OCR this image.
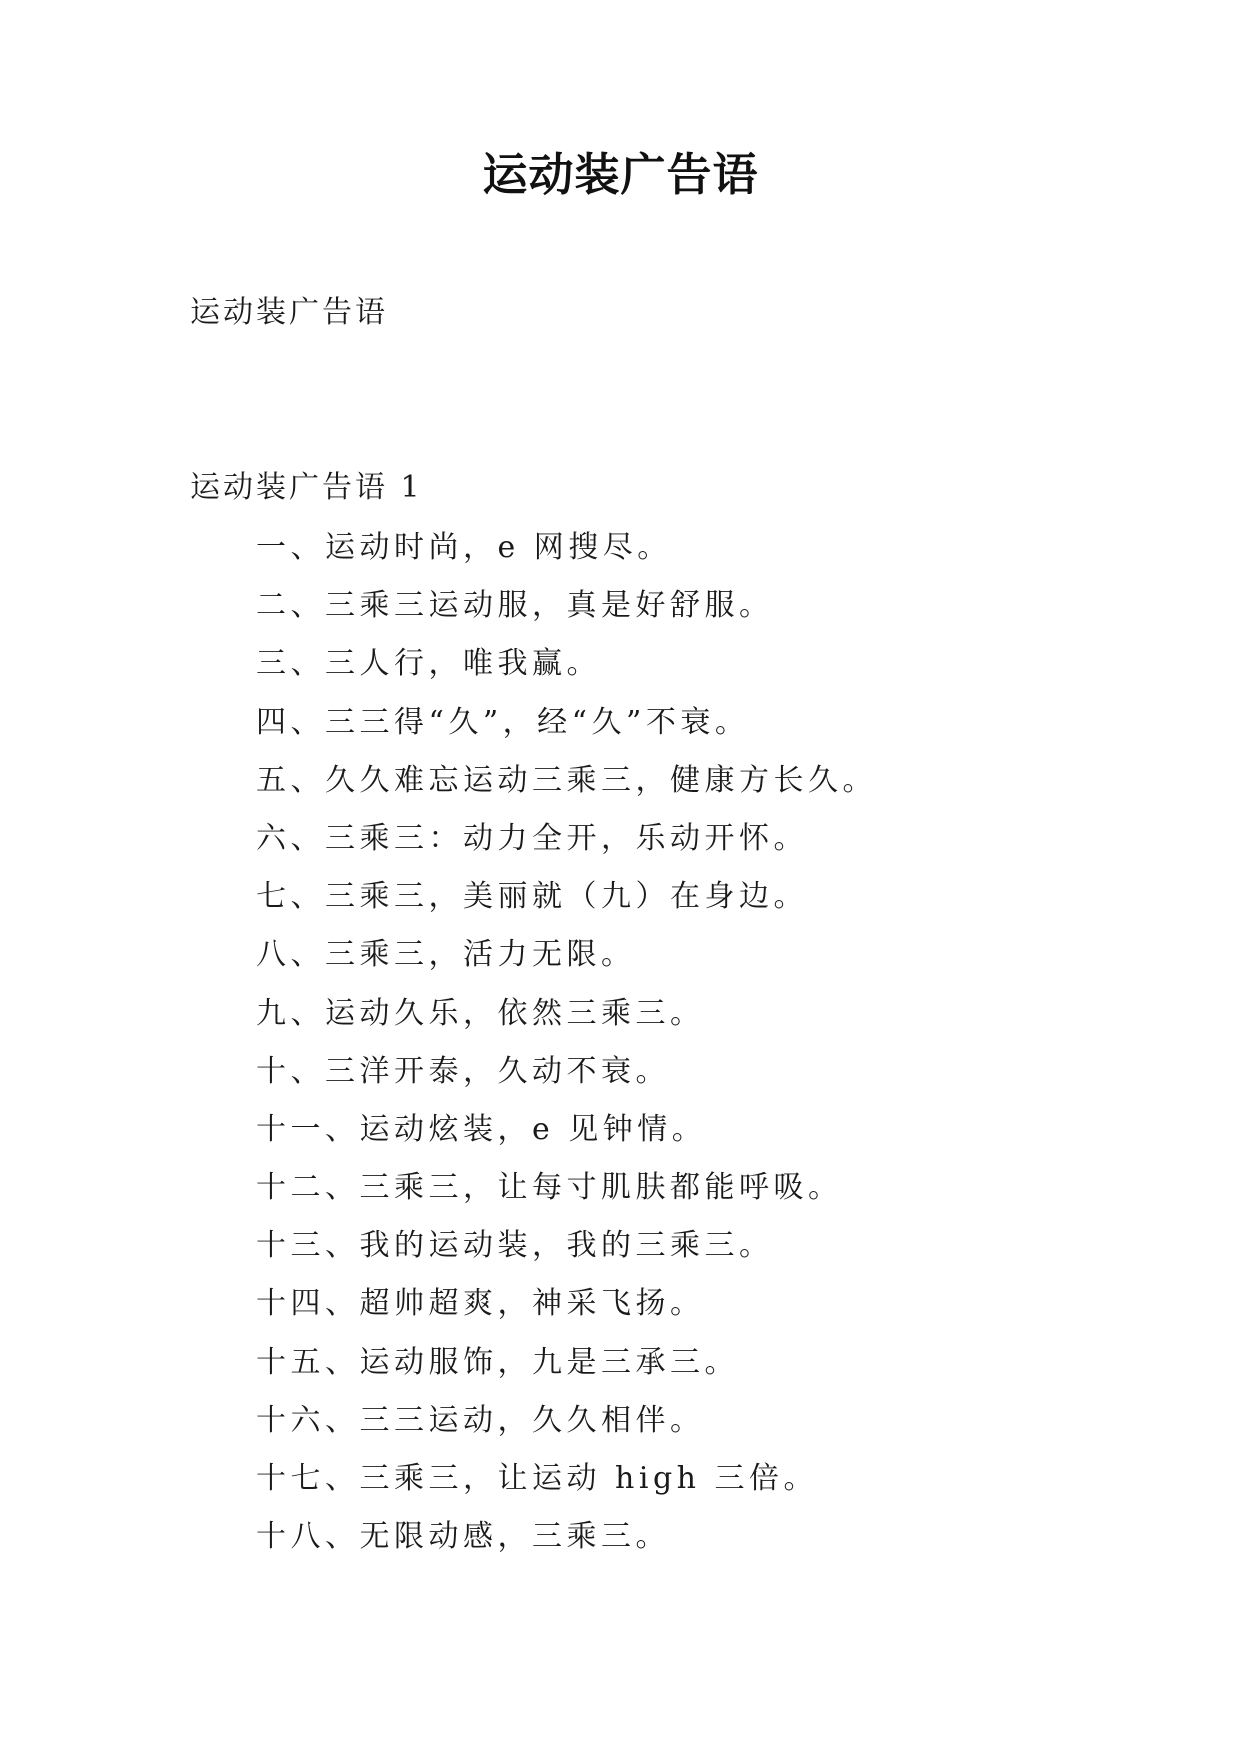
运动装广告语
运动装广告语
运动装广告语 1
一、运动时尚，e 网搜尽。
二、三乘三运动服，真是好舒服。
三、三人行，唯我赢。
四、三三得“久”，经“久”不衰。
五、久久难忘运动三乘三，健康方长久。
六、三乘三：动力全开，乐动开怀。
七、三乘三，美丽就（九）在身边。
八、三乘三，活力无限。
九、运动久乐，依然三乘三。
十、三洋开泰，久动不衰。
十一、运动炫装，e 见钟情。
十二、三乘三，让每寸肌肤都能呼吸。
十三、我的运动装，我的三乘三。
十四、超帅超爽，神采飞扬。
十五、运动服饰，九是三承三。
十六、三三运动，久久相伴。
十七、三乘三，让运动 high 三倍。
十八、无限动感，三乘三。
